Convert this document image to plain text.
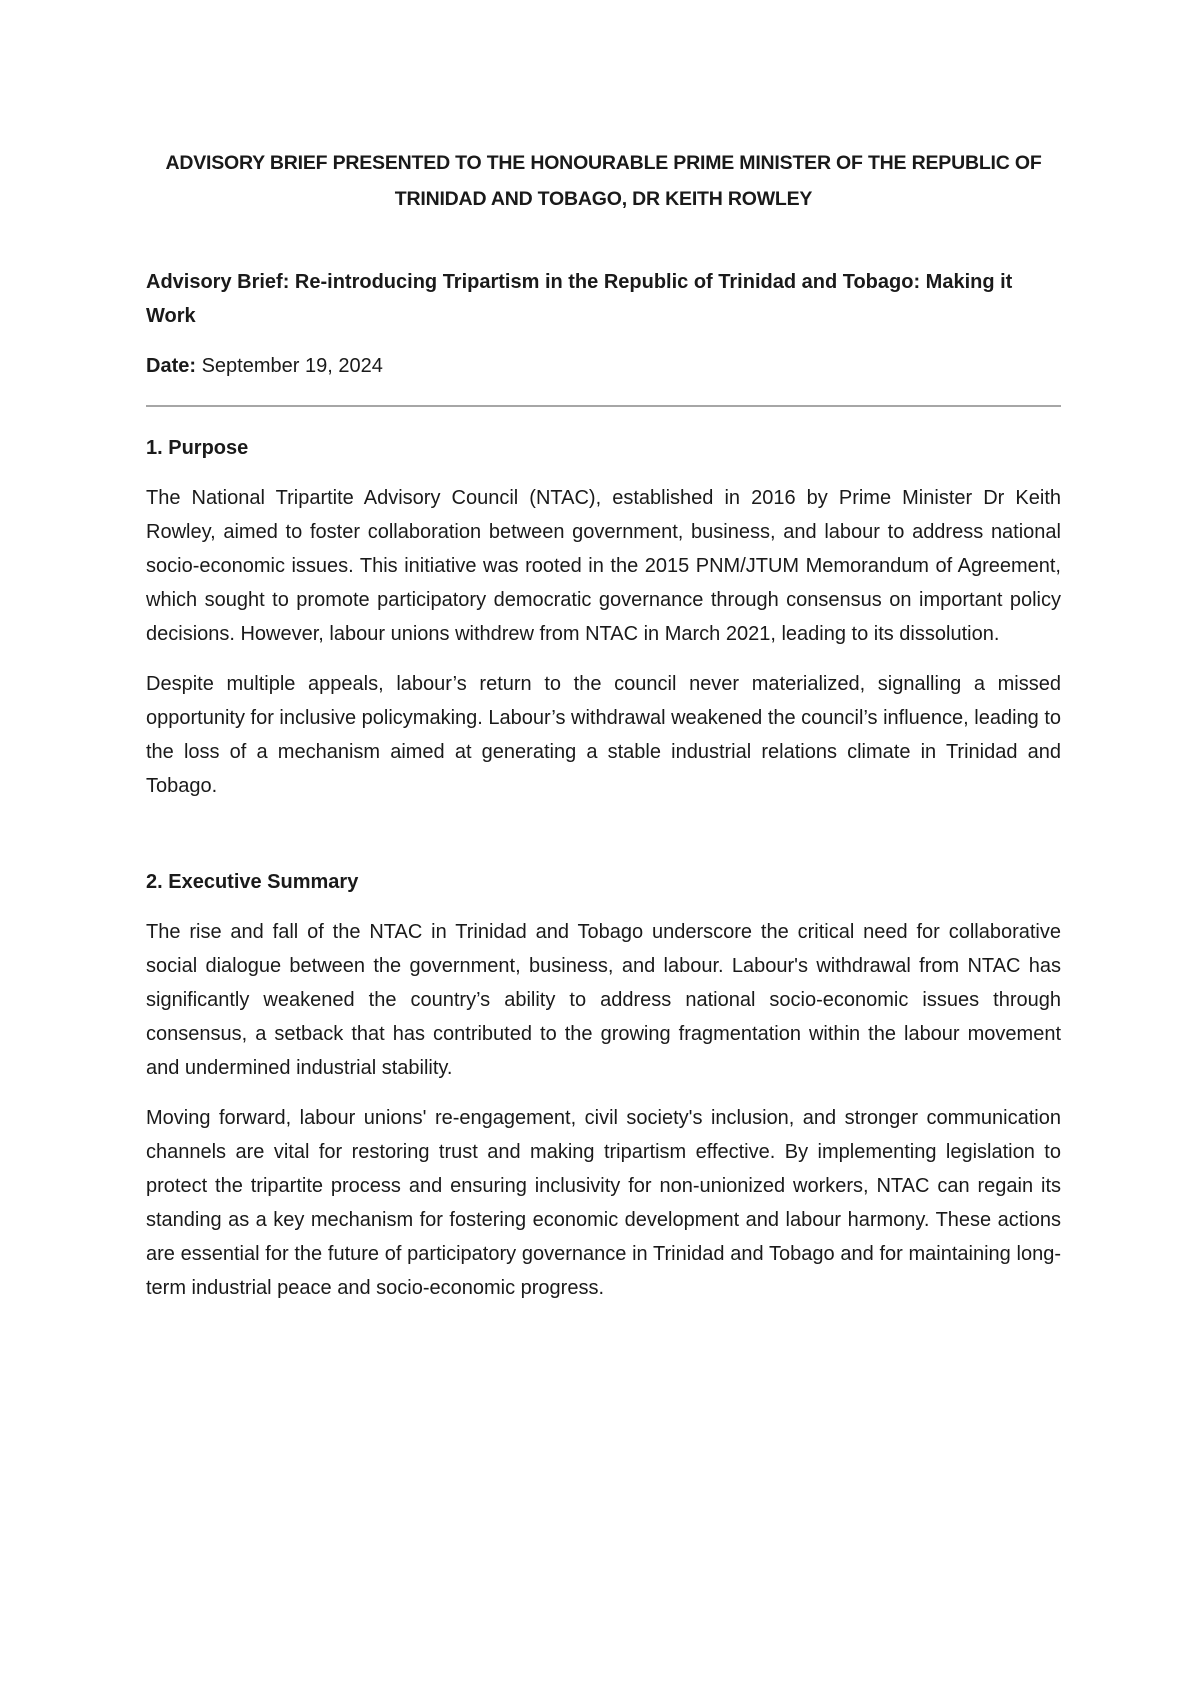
ADVISORY BRIEF PRESENTED TO THE HONOURABLE PRIME MINISTER OF THE REPUBLIC OF TRINIDAD AND TOBAGO, DR KEITH ROWLEY

Advisory Brief: Re-introducing Tripartism in the Republic of Trinidad and Tobago: Making it Work

Date: September 19, 2024

1. Purpose

The National Tripartite Advisory Council (NTAC), established in 2016 by Prime Minister Dr Keith Rowley, aimed to foster collaboration between government, business, and labour to address national socio-economic issues. This initiative was rooted in the 2015 PNM/JTUM Memorandum of Agreement, which sought to promote participatory democratic governance through consensus on important policy decisions. However, labour unions withdrew from NTAC in March 2021, leading to its dissolution.

Despite multiple appeals, labour’s return to the council never materialized, signalling a missed opportunity for inclusive policymaking. Labour’s withdrawal weakened the council’s influence, leading to the loss of a mechanism aimed at generating a stable industrial relations climate in Trinidad and Tobago.

2. Executive Summary

The rise and fall of the NTAC in Trinidad and Tobago underscore the critical need for collaborative social dialogue between the government, business, and labour. Labour's withdrawal from NTAC has significantly weakened the country’s ability to address national socio-economic issues through consensus, a setback that has contributed to the growing fragmentation within the labour movement and undermined industrial stability.

Moving forward, labour unions' re-engagement, civil society's inclusion, and stronger communication channels are vital for restoring trust and making tripartism effective. By implementing legislation to protect the tripartite process and ensuring inclusivity for non-unionized workers, NTAC can regain its standing as a key mechanism for fostering economic development and labour harmony. These actions are essential for the future of participatory governance in Trinidad and Tobago and for maintaining long-term industrial peace and socio-economic progress.
